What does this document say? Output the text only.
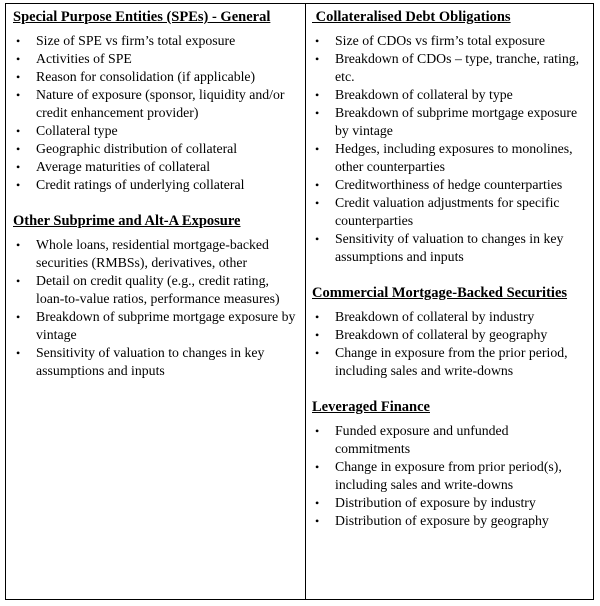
Special Purpose Entities (SPEs) - General
• Size of SPE vs firm’s total exposure
• Activities of SPE
• Reason for consolidation (if applicable)
• Nature of exposure (sponsor, liquidity and/or credit enhancement provider)
• Collateral type
• Geographic distribution of collateral
• Average maturities of collateral
• Credit ratings of underlying collateral
Other Subprime and Alt-A Exposure
• Whole loans, residential mortgage-backed securities (RMBSs), derivatives, other
• Detail on credit quality (e.g., credit rating, loan-to-value ratios, performance measures)
• Breakdown of subprime mortgage exposure by vintage
• Sensitivity of valuation to changes in key assumptions and inputs
Collateralised Debt Obligations
• Size of CDOs vs firm’s total exposure
• Breakdown of CDOs – type, tranche, rating, etc.
• Breakdown of collateral by type
• Breakdown of subprime mortgage exposure by vintage
• Hedges, including exposures to monolines, other counterparties
• Creditworthiness of hedge counterparties
• Credit valuation adjustments for specific counterparties
• Sensitivity of valuation to changes in key assumptions and inputs
Commercial Mortgage-Backed Securities
• Breakdown of collateral by industry
• Breakdown of collateral by geography
• Change in exposure from the prior period, including sales and write-downs
Leveraged Finance
• Funded exposure and unfunded commitments
• Change in exposure from prior period(s), including sales and write-downs
• Distribution of exposure by industry
• Distribution of exposure by geography
